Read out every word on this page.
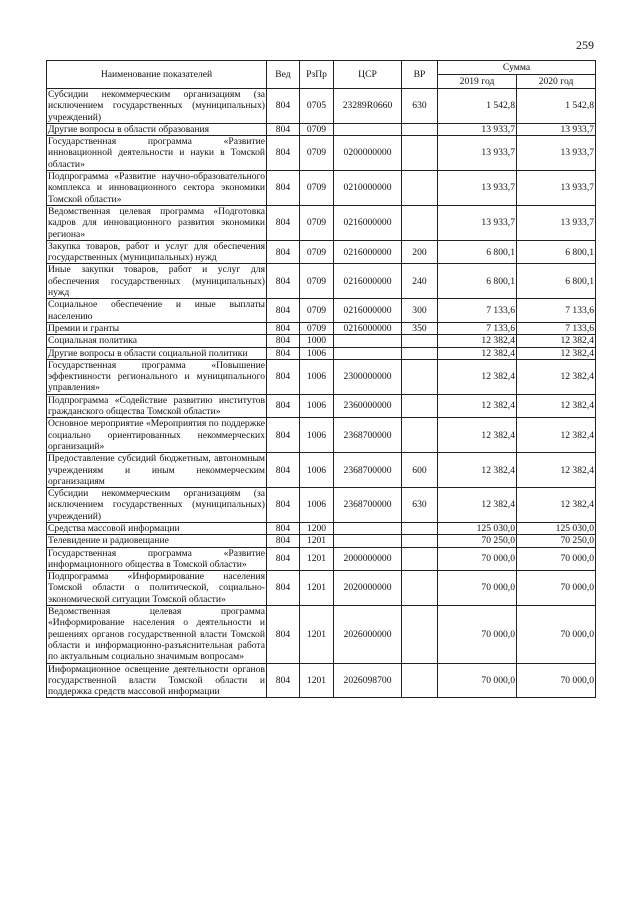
259
Наименование показателей	Вед	РзПр	ЦСР	ВР	Сумма	
					2019 год	2020 год
Субсидии некоммерческим организациям (за исключением государственных (муниципальных) учреждений)	804	0705	23289R0660	630	1 542,8	1 542,8
Другие вопросы в области образования	804	0709			13 933,7	13 933,7
Государственная программа «Развитие инновационной деятельности и науки в Томской области»	804	0709	0200000000		13 933,7	13 933,7
Подпрограмма «Развитие научно-образовательного комплекса и инновационного сектора экономики Томской области»	804	0709	0210000000		13 933,7	13 933,7
Ведомственная целевая программа «Подготовка кадров для инновационного развития экономики региона»	804	0709	0216000000		13 933,7	13 933,7
Закупка товаров, работ и услуг для обеспечения государственных (муниципальных) нужд	804	0709	0216000000	200	6 800,1	6 800,1
Иные закупки товаров, работ и услуг для обеспечения государственных (муниципальных) нужд	804	0709	0216000000	240	6 800,1	6 800,1
Социальное обеспечение и иные выплаты населению	804	0709	0216000000	300	7 133,6	7 133,6
Премии и гранты	804	0709	0216000000	350	7 133,6	7 133,6
Социальная политика	804	1000			12 382,4	12 382,4
Другие вопросы в области социальной политики	804	1006			12 382,4	12 382,4
Государственная программа «Повышение эффективности регионального и муниципального управления»	804	1006	2300000000		12 382,4	12 382,4
Подпрограмма «Содействие развитию институтов гражданского общества Томской области»	804	1006	2360000000		12 382,4	12 382,4
Основное мероприятие «Мероприятия по поддержке социально ориентированных некоммерческих организаций»	804	1006	2368700000		12 382,4	12 382,4
Предоставление субсидий бюджетным, автономным учреждениям и иным некоммерческим организациям	804	1006	2368700000	600	12 382,4	12 382,4
Субсидии некоммерческим организациям (за исключением государственных (муниципальных) учреждений)	804	1006	2368700000	630	12 382,4	12 382,4
Средства массовой информации	804	1200			125 030,0	125 030,0
Телевидение и радиовещание	804	1201			70 250,0	70 250,0
Государственная программа «Развитие информационного общества в Томской области»	804	1201	2000000000		70 000,0	70 000,0
Подпрограмма «Информирование населения Томской области о политической, социально-экономической ситуации Томской области»	804	1201	2020000000		70 000,0	70 000,0
Ведомственная целевая программа «Информирование населения о деятельности и решениях органов государственной власти Томской области и информационно-разъяснительная работа по актуальным социально значимым вопросам»	804	1201	2026000000		70 000,0	70 000,0
Информационное освещение деятельности органов государственной власти Томской области и поддержка средств массовой информации	804	1201	2026098700		70 000,0	70 000,0
